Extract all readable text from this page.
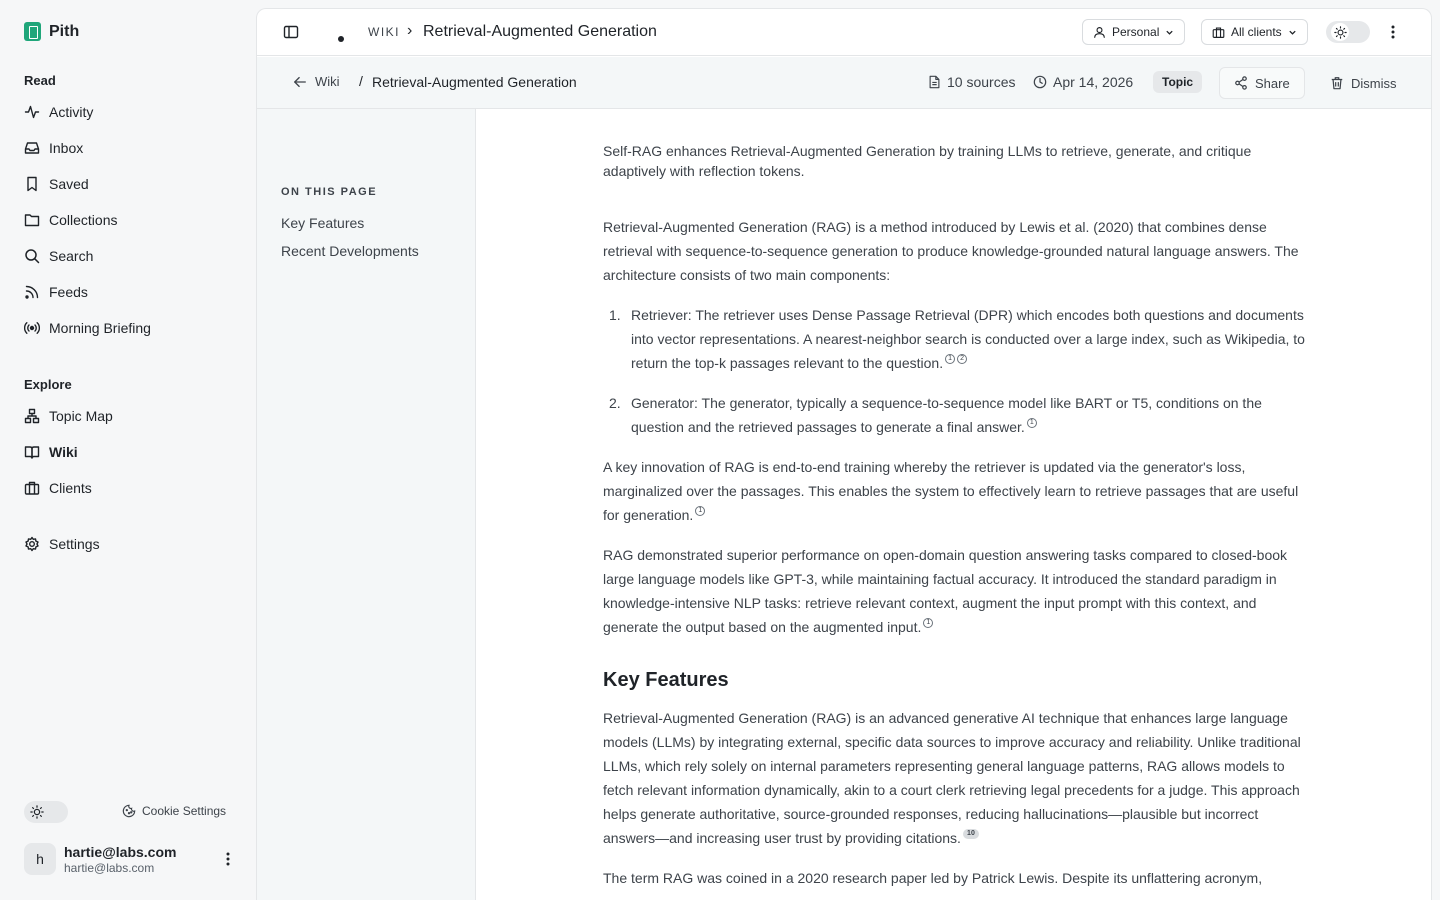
Pith
Read
Activity
Inbox
Saved
Collections
Search
Feeds
Morning Briefing
Explore
Topic Map
Wiki
Clients
Settings
Cookie Settings
h	hartie@labs.com
hartie@labs.com
WIKI › Retrieval-Augmented Generation	Personal	All clients
Wiki / Retrieval-Augmented Generation	10 sources	Apr 14, 2026	Topic	Share	Dismiss
ON THIS PAGE
Key Features
Recent Developments

Self-RAG enhances Retrieval-Augmented Generation by training LLMs to retrieve, generate, and critique adaptively with reflection tokens.

Retrieval-Augmented Generation (RAG) is a method introduced by Lewis et al. (2020) that combines dense retrieval with sequence-to-sequence generation to produce knowledge-grounded natural language answers. The architecture consists of two main components:

1. Retriever: The retriever uses Dense Passage Retrieval (DPR) which encodes both questions and documents into vector representations. A nearest-neighbor search is conducted over a large index, such as Wikipedia, to return the top-k passages relevant to the question. 1 2
2. Generator: The generator, typically a sequence-to-sequence model like BART or T5, conditions on the question and the retrieved passages to generate a final answer. 1

A key innovation of RAG is end-to-end training whereby the retriever is updated via the generator's loss, marginalized over the passages. This enables the system to effectively learn to retrieve passages that are useful for generation. 1

RAG demonstrated superior performance on open-domain question answering tasks compared to closed-book large language models like GPT-3, while maintaining factual accuracy. It introduced the standard paradigm in knowledge-intensive NLP tasks: retrieve relevant context, augment the input prompt with this context, and generate the output based on the augmented input. 1

Key Features

Retrieval-Augmented Generation (RAG) is an advanced generative AI technique that enhances large language models (LLMs) by integrating external, specific data sources to improve accuracy and reliability. Unlike traditional LLMs, which rely solely on internal parameters representing general language patterns, RAG allows models to fetch relevant information dynamically, akin to a court clerk retrieving legal precedents for a judge. This approach helps generate authoritative, source-grounded responses, reducing hallucinations—plausible but incorrect answers—and increasing user trust by providing citations. 10

The term RAG was coined in a 2020 research paper led by Patrick Lewis. Despite its unflattering acronym,
